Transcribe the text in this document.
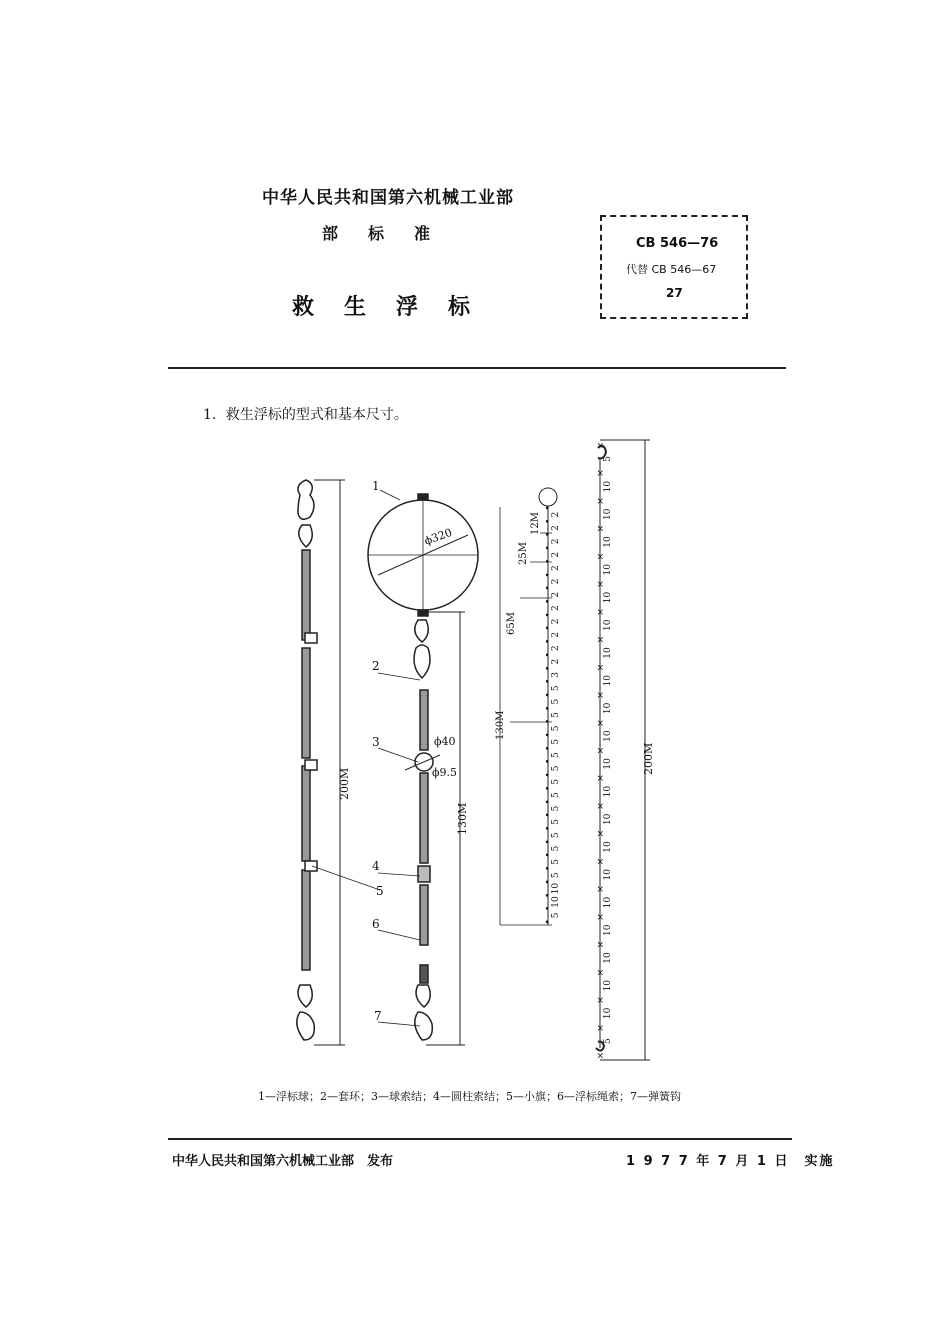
中华人民共和国第六机械工业部
部标准
救生浮标
CB 546—76
代替 CB 546—67
27
1．救生浮标的型式和基本尺寸。
200M
ϕ320
130M
ϕ40
ϕ9.5
1
2
3
4
5
6
7
•
•
•
•
•
•
•
•
•
•
•
•
•
•
•
•
•
•
•
•
•
•
•
•
•
•
•
•
•
•
•
•
2
2
2
2
2
2
2
2
2
2
2
2
3
5
5
5
5
5
5
5
5
5
5
5
5
5
5
5
10
10
5
12M
25M
65M
130M
×
×
×
×
×
×
×
×
×
×
×
×
×
×
×
×
×
×
×
×
×
×
×
5
10
10
10
10
10
10
10
10
10
10
10
10
10
10
10
10
10
10
10
10
5
200M
1—浮标球；2—套环；3—球索结；4—圆柱索结；5—小旗；6—浮标绳索；7—弹簧钩
中华人民共和国第六机械工业部　发布	1 9 7 7 年 7 月 1 日　实施
